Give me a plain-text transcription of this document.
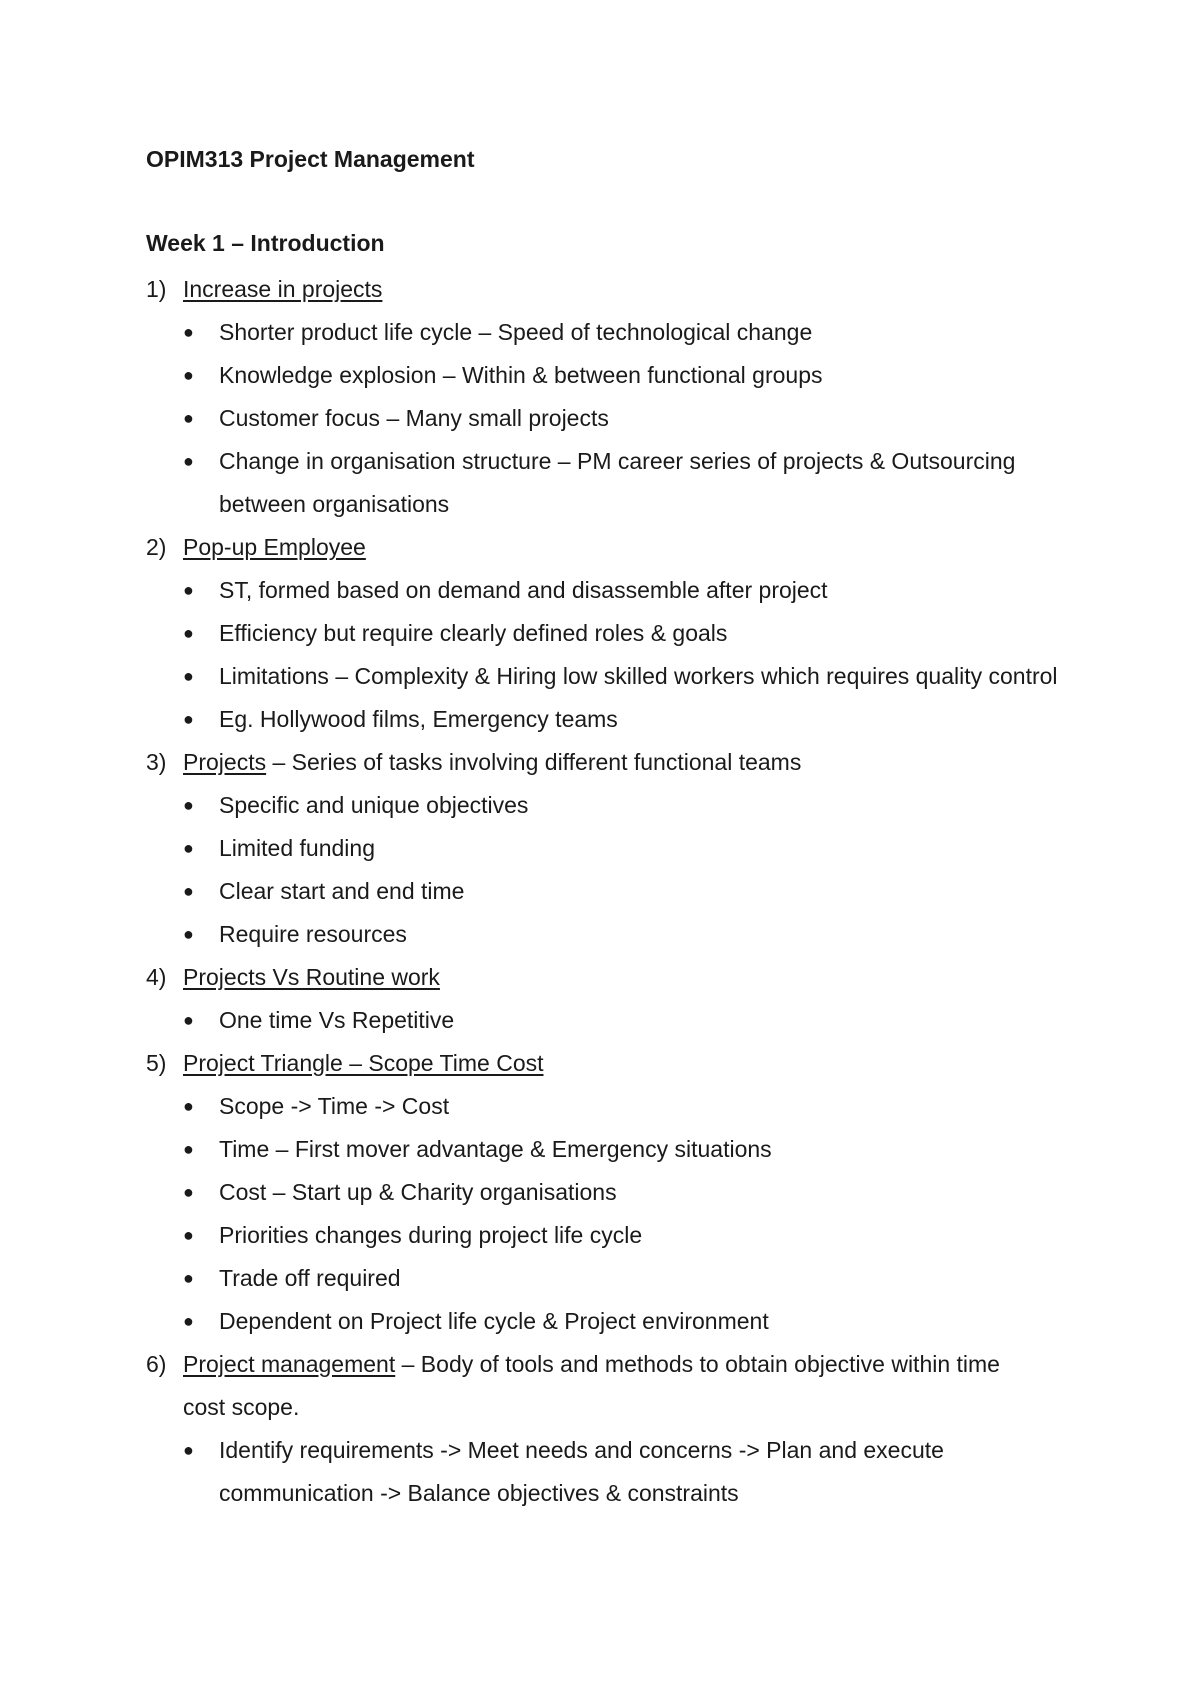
OPIM313 Project Management
Week 1 – Introduction
1) Increase in projects
● Shorter product life cycle – Speed of technological change
● Knowledge explosion – Within & between functional groups
● Customer focus – Many small projects
● Change in organisation structure – PM career series of projects & Outsourcing between organisations
2) Pop-up Employee
● ST, formed based on demand and disassemble after project
● Efficiency but require clearly defined roles & goals
● Limitations – Complexity & Hiring low skilled workers which requires quality control
● Eg. Hollywood films, Emergency teams
3) Projects – Series of tasks involving different functional teams
● Specific and unique objectives
● Limited funding
● Clear start and end time
● Require resources
4) Projects Vs Routine work
● One time Vs Repetitive
5) Project Triangle – Scope Time Cost
● Scope -> Time -> Cost
● Time – First mover advantage & Emergency situations
● Cost – Start up & Charity organisations
● Priorities changes during project life cycle
● Trade off required
● Dependent on Project life cycle & Project environment
6) Project management – Body of tools and methods to obtain objective within time
cost scope.
● Identify requirements -> Meet needs and concerns -> Plan and execute communication -> Balance objectives & constraints
